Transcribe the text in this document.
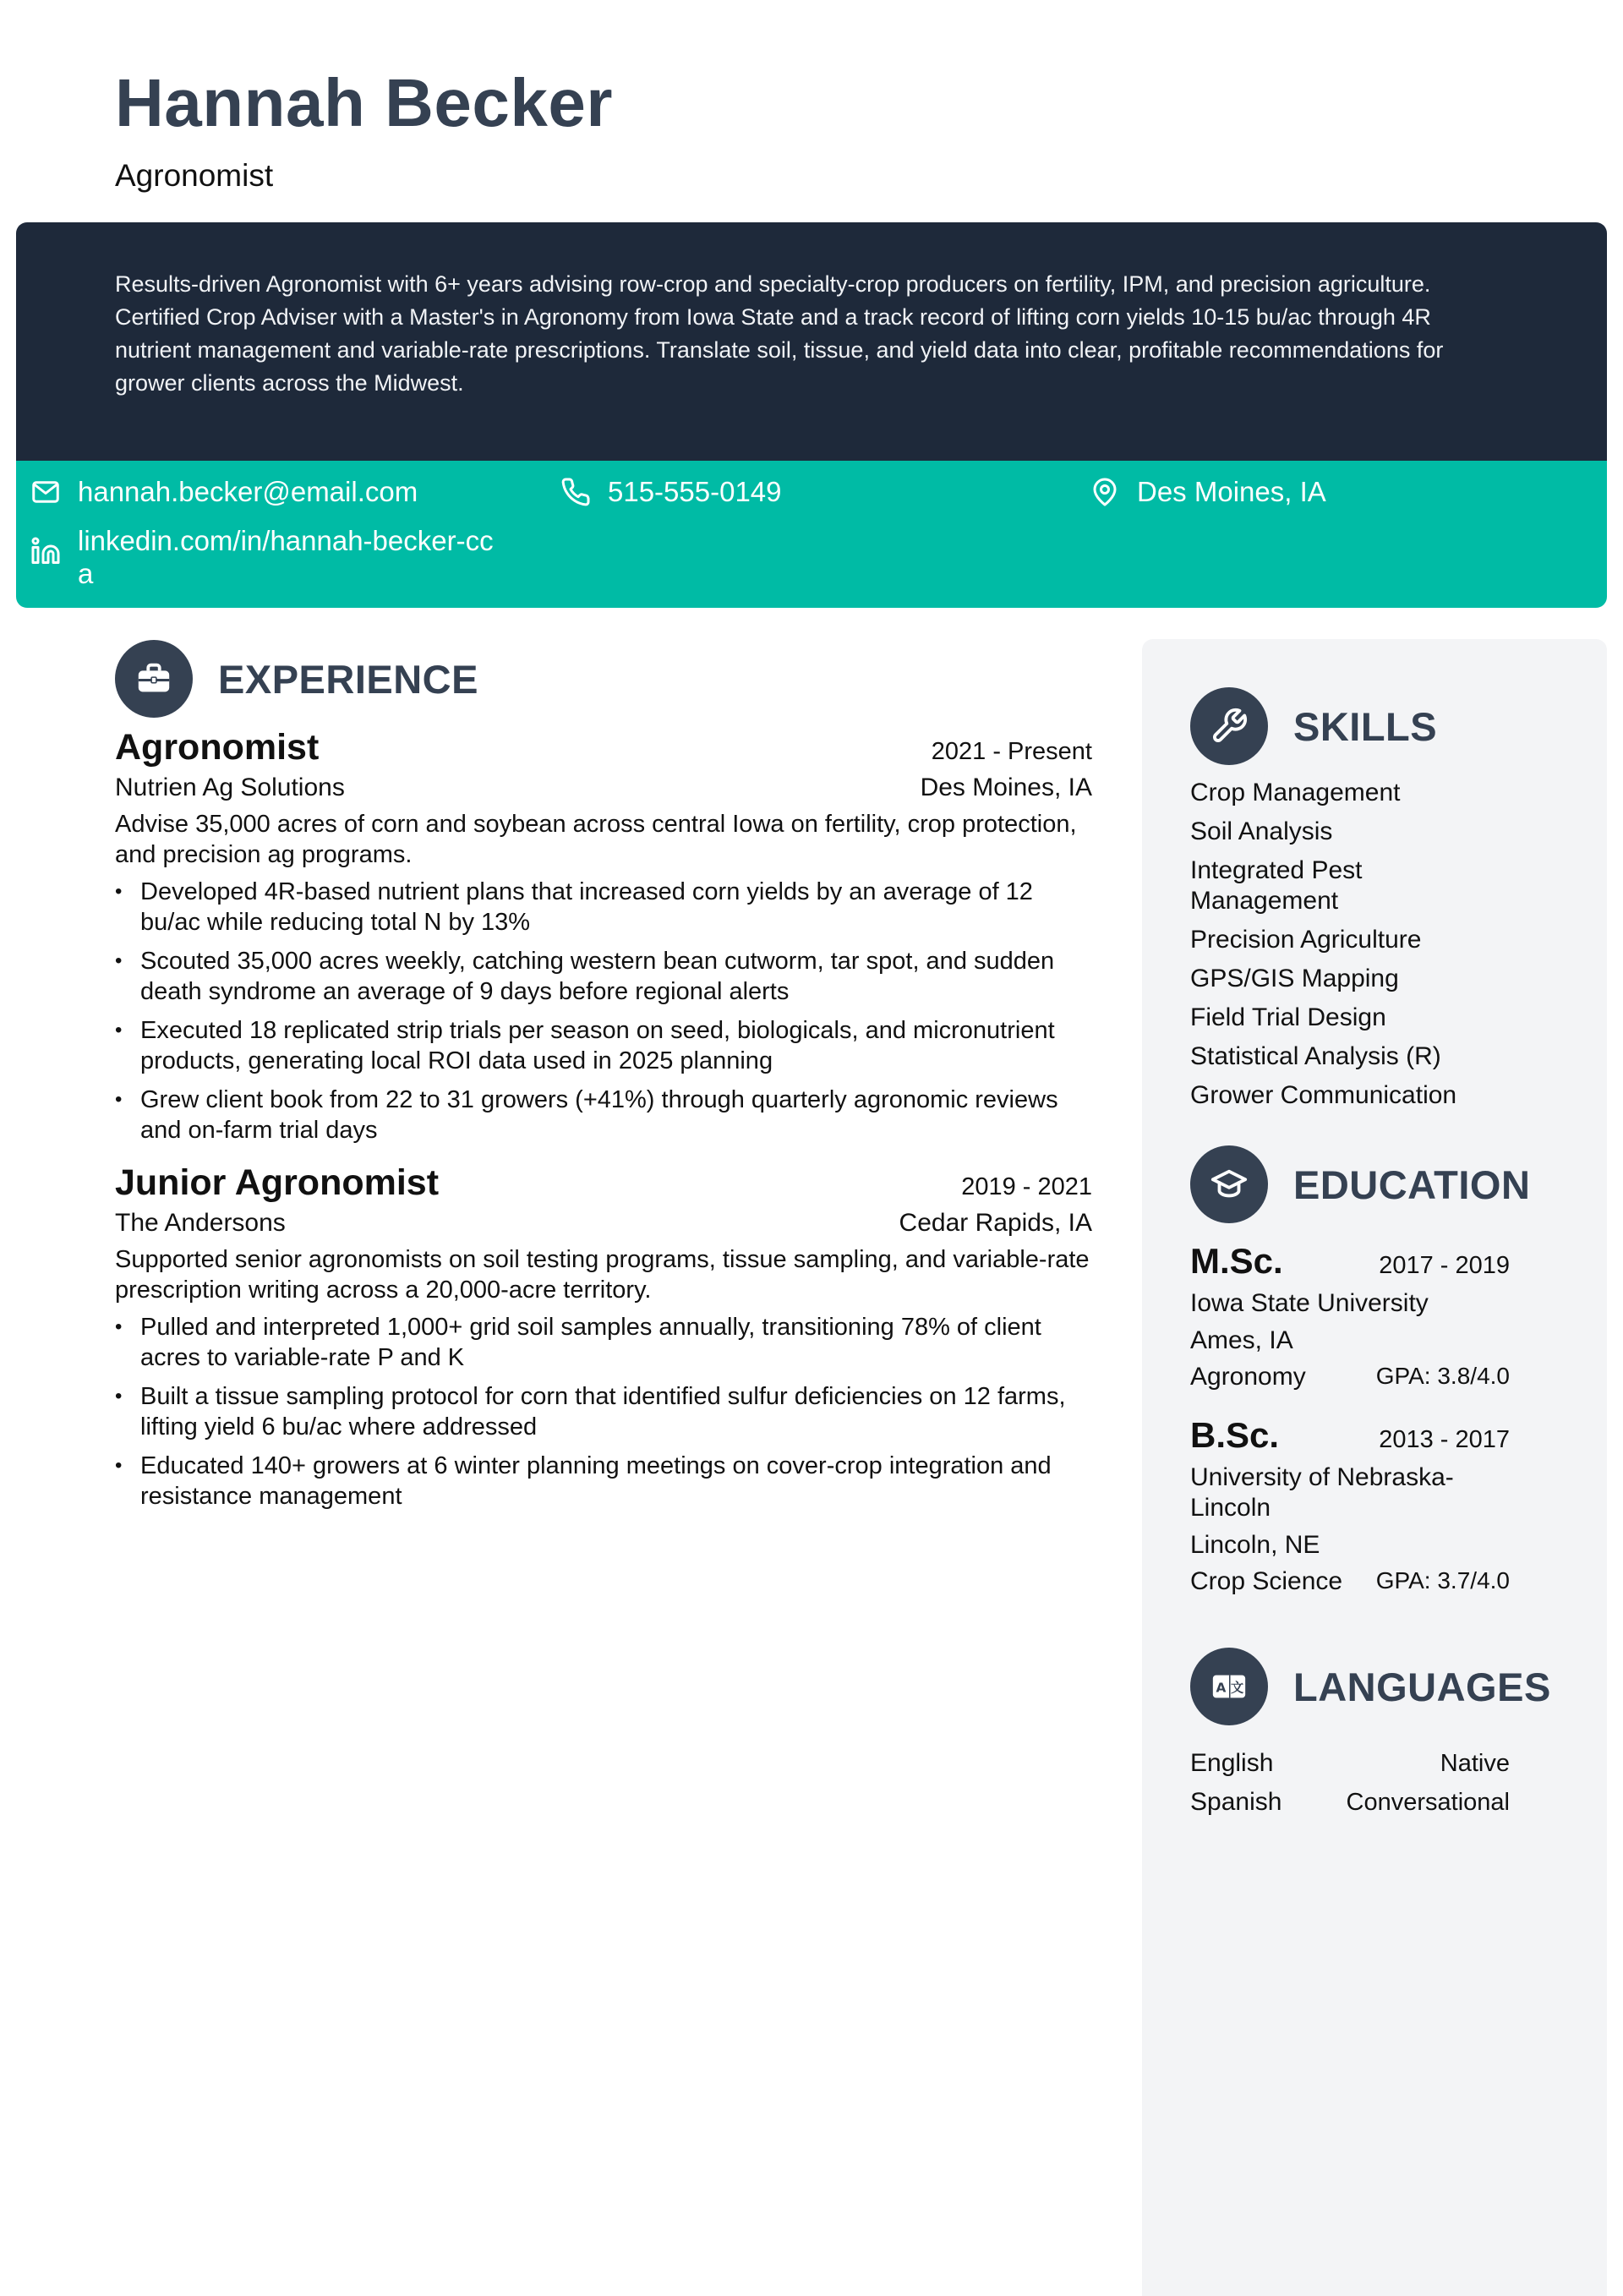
Hannah Becker
Agronomist
Results-driven Agronomist with 6+ years advising row-crop and specialty-crop producers on fertility, IPM, and precision agriculture. Certified Crop Adviser with a Master's in Agronomy from Iowa State and a track record of lifting corn yields 10-15 bu/ac through 4R nutrient management and variable-rate prescriptions. Translate soil, tissue, and yield data into clear, profitable recommendations for grower clients across the Midwest.
hannah.becker@email.com	515-555-0149	Des Moines, IA
linkedin.com/in/hannah-becker-cca
EXPERIENCE
Agronomist	2021 - Present
Nutrien Ag Solutions	Des Moines, IA
Advise 35,000 acres of corn and soybean across central Iowa on fertility, crop protection, and precision ag programs.
• Developed 4R-based nutrient plans that increased corn yields by an average of 12 bu/ac while reducing total N by 13%
• Scouted 35,000 acres weekly, catching western bean cutworm, tar spot, and sudden death syndrome an average of 9 days before regional alerts
• Executed 18 replicated strip trials per season on seed, biologicals, and micronutrient products, generating local ROI data used in 2025 planning
• Grew client book from 22 to 31 growers (+41%) through quarterly agronomic reviews and on-farm trial days
Junior Agronomist	2019 - 2021
The Andersons	Cedar Rapids, IA
Supported senior agronomists on soil testing programs, tissue sampling, and variable-rate prescription writing across a 20,000-acre territory.
• Pulled and interpreted 1,000+ grid soil samples annually, transitioning 78% of client acres to variable-rate P and K
• Built a tissue sampling protocol for corn that identified sulfur deficiencies on 12 farms, lifting yield 6 bu/ac where addressed
• Educated 140+ growers at 6 winter planning meetings on cover-crop integration and resistance management
SKILLS
Crop Management
Soil Analysis
Integrated Pest Management
Precision Agriculture
GPS/GIS Mapping
Field Trial Design
Statistical Analysis (R)
Grower Communication
EDUCATION
M.Sc.	2017 - 2019
Iowa State University
Ames, IA
Agronomy	GPA: 3.8/4.0
B.Sc.	2013 - 2017
University of Nebraska-Lincoln
Lincoln, NE
Crop Science GPA: 3.7/4.0
A 文 LANGUAGES
English	Native
Spanish	Conversational
